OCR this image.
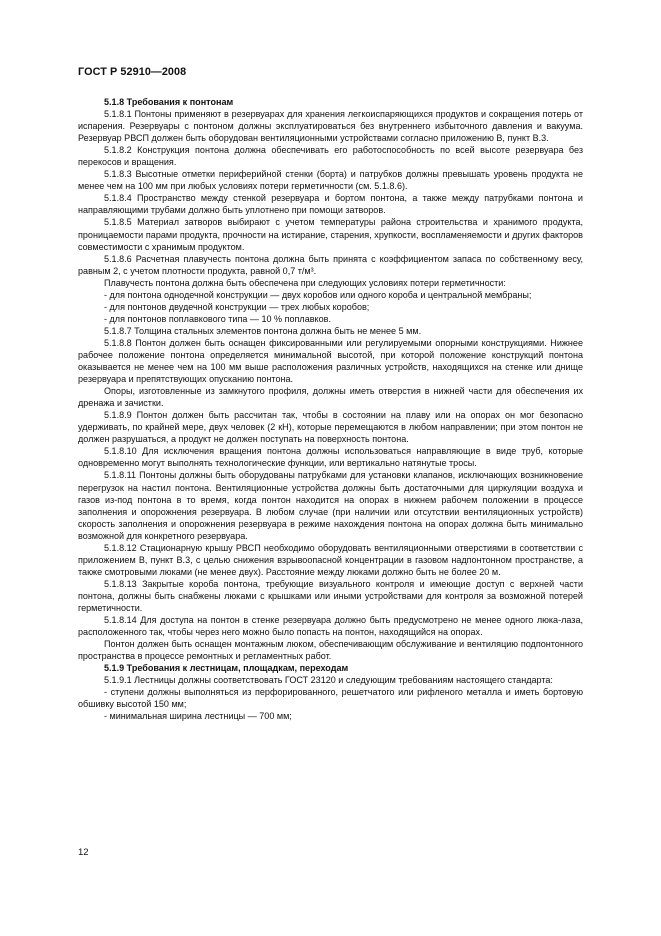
ГОСТ Р 52910—2008

5.1.8 Требования к понтонам

5.1.8.1 Понтоны применяют в резервуарах для хранения легкоиспаряющихся продуктов и сокращения потерь от испарения. Резервуары с понтоном должны эксплуатироваться без внутреннего избыточного давления и вакуума. Резервуар РВСП должен быть оборудован вентиляционными устройствами согласно приложению В, пункт В.3.

5.1.8.2 Конструкция понтона должна обеспечивать его работоспособность по всей высоте резервуара без перекосов и вращения.

5.1.8.3 Высотные отметки периферийной стенки (борта) и патрубков должны превышать уровень продукта не менее чем на 100 мм при любых условиях потери герметичности (см. 5.1.8.6).

5.1.8.4 Пространство между стенкой резервуара и бортом понтона, а также между патрубками понтона и направляющими трубами должно быть уплотнено при помощи затворов.

5.1.8.5 Материал затворов выбирают с учетом температуры района строительства и хранимого продукта, проницаемости парами продукта, прочности на истирание, старения, хрупкости, воспламеняемости и других факторов совместимости с хранимым продуктом.

5.1.8.6 Расчетная плавучесть понтона должна быть принята с коэффициентом запаса по собственному весу, равным 2, с учетом плотности продукта, равной 0,7 т/м³.

Плавучесть понтона должна быть обеспечена при следующих условиях потери герметичности:

- для понтона однодечной конструкции — двух коробов или одного короба и центральной мембраны;

- для понтонов двудечной конструкции — трех любых коробов;

- для понтонов поплавкового типа — 10 % поплавков.

5.1.8.7 Толщина стальных элементов понтона должна быть не менее 5 мм.

5.1.8.8 Понтон должен быть оснащен фиксированными или регулируемыми опорными конструкциями. Нижнее рабочее положение понтона определяется минимальной высотой, при которой положение конструкций понтона оказывается не менее чем на 100 мм выше расположения различных устройств, находящихся на стенке или днище резервуара и препятствующих опусканию понтона.

Опоры, изготовленные из замкнутого профиля, должны иметь отверстия в нижней части для обеспечения их дренажа и зачистки.

5.1.8.9 Понтон должен быть рассчитан так, чтобы в состоянии на плаву или на опорах он мог безопасно удерживать, по крайней мере, двух человек (2 кН), которые перемещаются в любом направлении; при этом понтон не должен разрушаться, а продукт не должен поступать на поверхность понтона.

5.1.8.10 Для исключения вращения понтона должны использоваться направляющие в виде труб, которые одновременно могут выполнять технологические функции, или вертикально натянутые тросы.

5.1.8.11 Понтоны должны быть оборудованы патрубками для установки клапанов, исключающих возникновение перегрузок на настил понтона. Вентиляционные устройства должны быть достаточными для циркуляции воздуха и газов из-под понтона в то время, когда понтон находится на опорах в нижнем рабочем положении в процессе заполнения и опорожнения резервуара. В любом случае (при наличии или отсутствии вентиляционных устройств) скорость заполнения и опорожнения резервуара в режиме нахождения понтона на опорах должна быть минимально возможной для конкретного резервуара.

5.1.8.12 Стационарную крышу РВСП необходимо оборудовать вентиляционными отверстиями в соответствии с приложением В, пункт В.3, с целью снижения взрывоопасной концентрации в газовом надпонтонном пространстве, а также смотровыми люками (не менее двух). Расстояние между люками должно быть не более 20 м.

5.1.8.13 Закрытые короба понтона, требующие визуального контроля и имеющие доступ с верхней части понтона, должны быть снабжены люками с крышками или иными устройствами для контроля за возможной потерей герметичности.

5.1.8.14 Для доступа на понтон в стенке резервуара должно быть предусмотрено не менее одного люка-лаза, расположенного так, чтобы через него можно было попасть на понтон, находящийся на опорах.

Понтон должен быть оснащен монтажным люком, обеспечивающим обслуживание и вентиляцию подпонтонного пространства в процессе ремонтных и регламентных работ.

5.1.9 Требования к лестницам, площадкам, переходам

5.1.9.1 Лестницы должны соответствовать ГОСТ 23120 и следующим требованиям настоящего стандарта:

- ступени должны выполняться из перфорированного, решетчатого или рифленого металла и иметь бортовую обшивку высотой 150 мм;

- минимальная ширина лестницы — 700 мм;

12
